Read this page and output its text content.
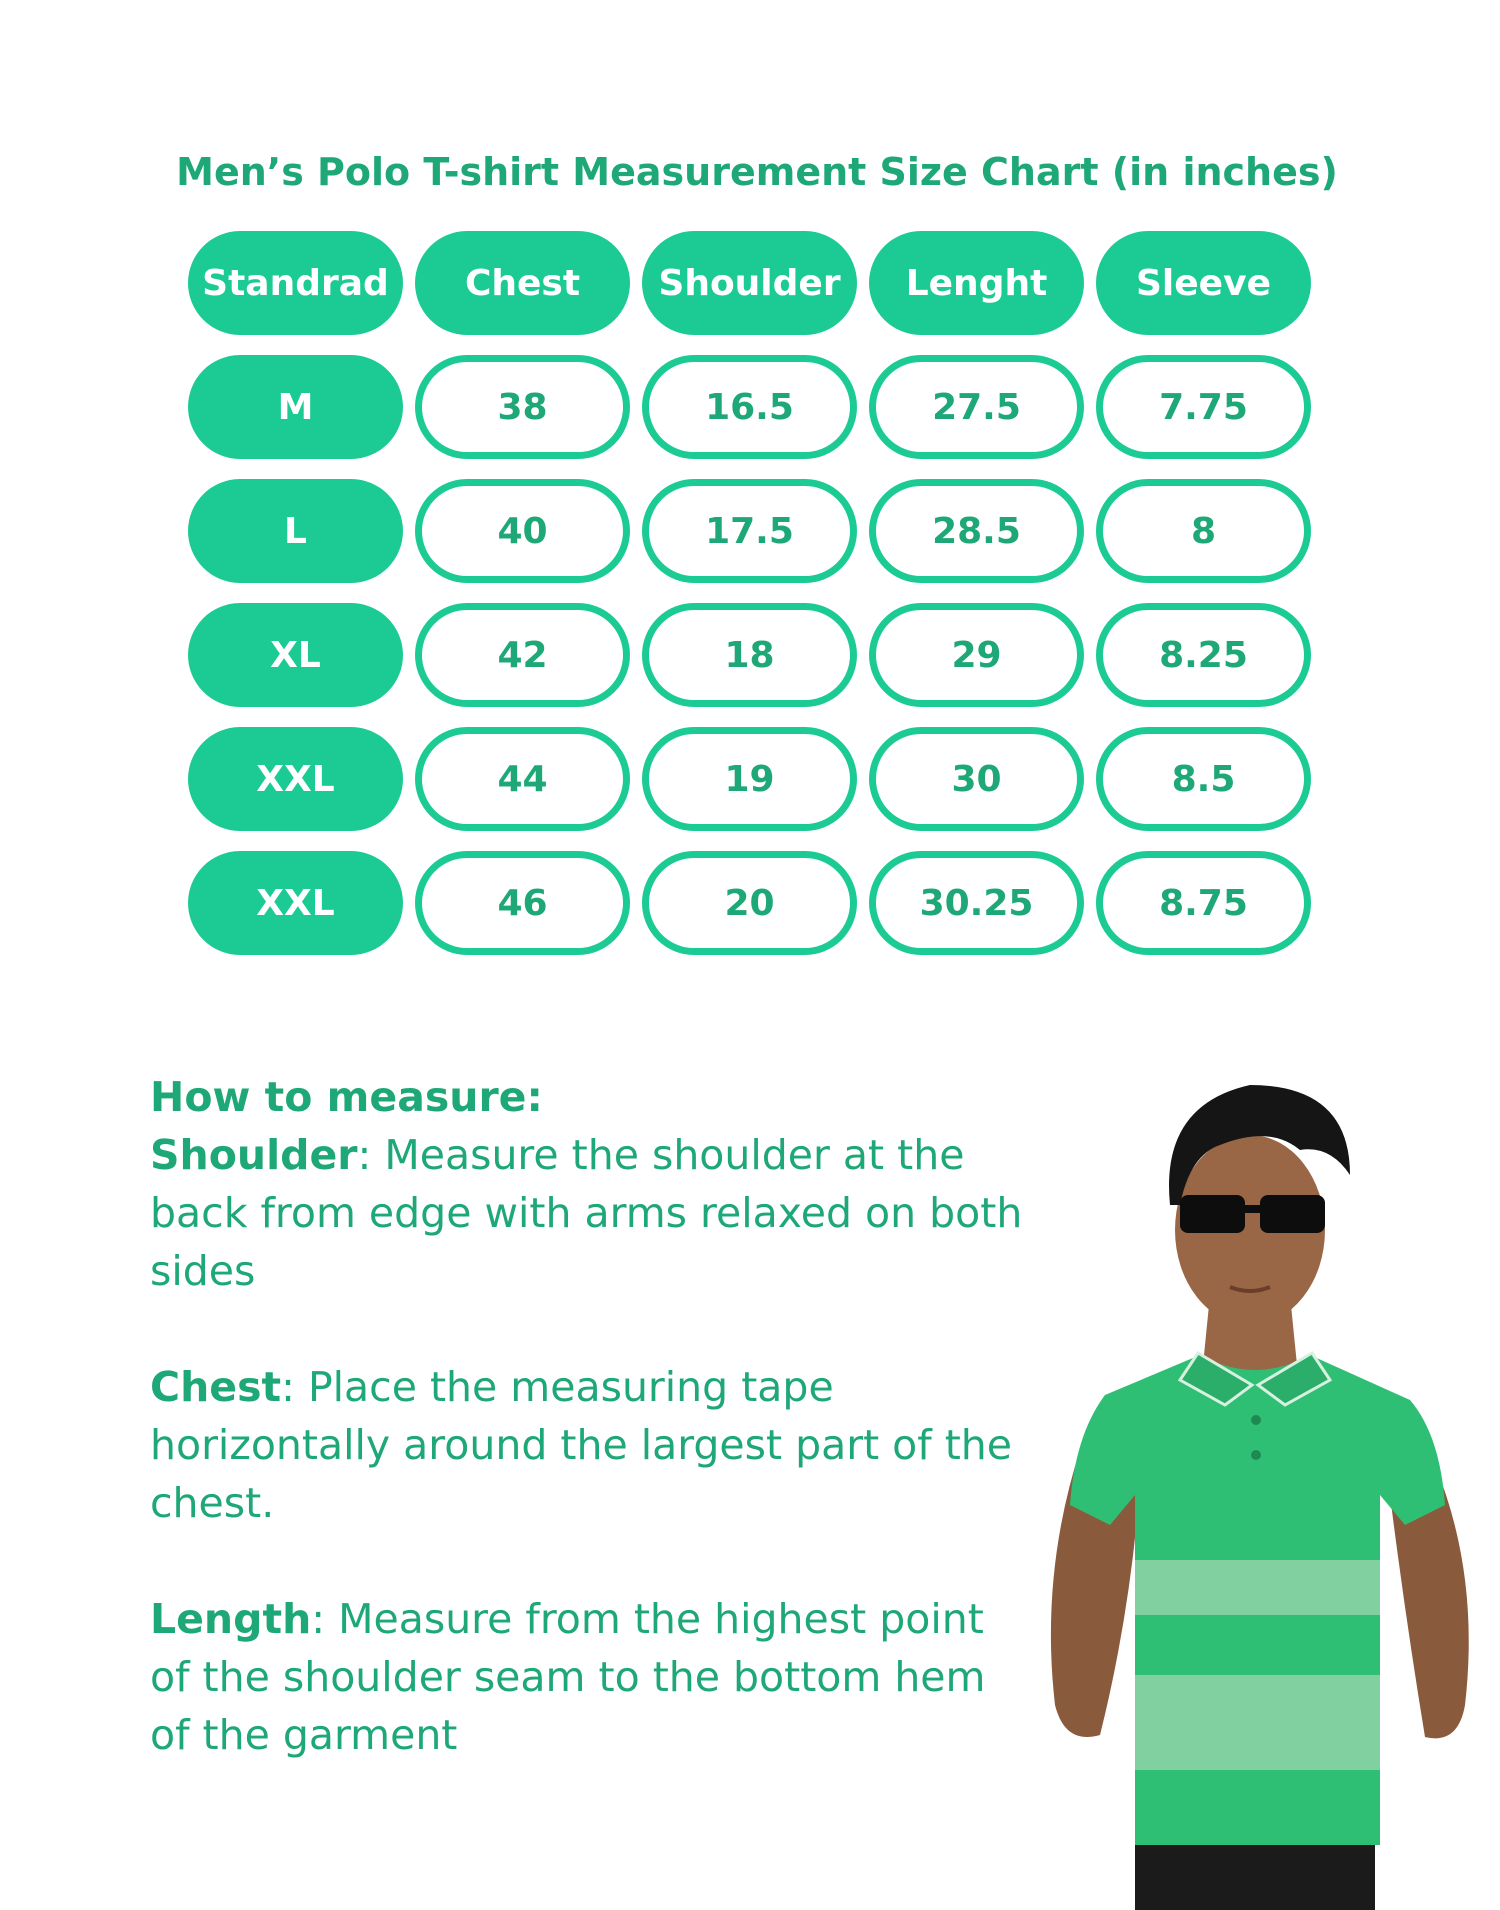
Men’s Polo T-shirt Measurement Size Chart (in inches)
Standrad	Chest	Shoulder	Lenght	Sleeve
M	38	16.5	27.5	7.75
L	40	17.5	28.5	8
XL	42	18	29	8.25
XXL	44	19	30	8.5
XXL	46	20	30.25	8.75
How to measure:

Shoulder: Measure the shoulder at the back from edge with arms relaxed on both sides

Chest: Place the measuring tape horizontally around the largest part of the chest.

Length: Measure from the highest point of the shoulder seam to the bottom hem of the garment
